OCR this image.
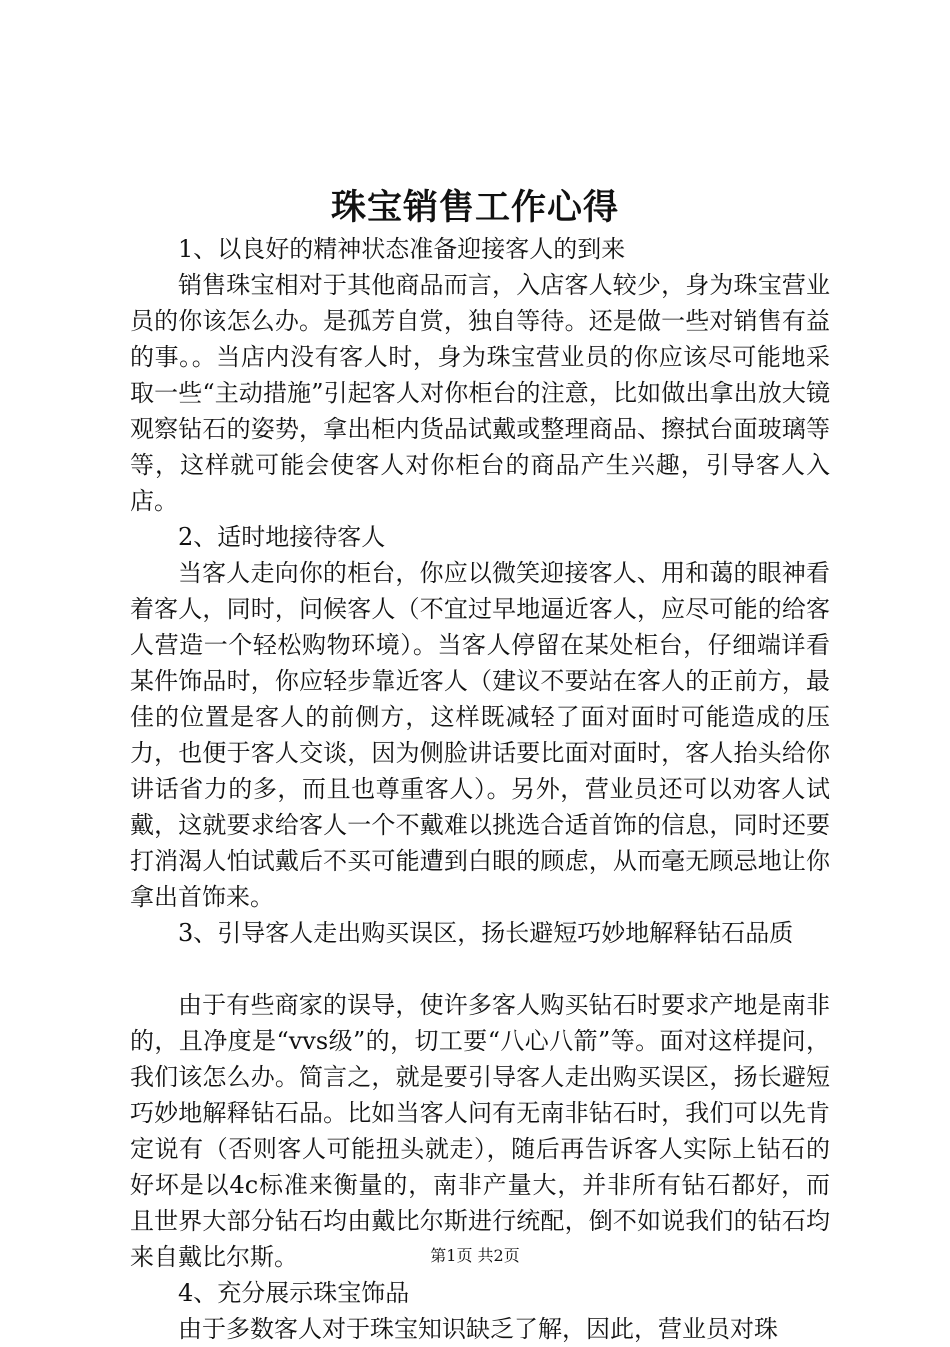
珠宝销售工作心得

1、以良好的精神状态准备迎接客人的到来

销售珠宝相对于其他商品而言，入店客人较少，身为珠宝营业员的你该怎么办。是孤芳自赏，独自等待。还是做一些对销售有益的事。。当店内没有客人时，身为珠宝营业员的你应该尽可能地采取一些“主动措施”引起客人对你柜台的注意，比如做出拿出放大镜观察钻石的姿势，拿出柜内货品试戴或整理商品、擦拭台面玻璃等等，这样就可能会使客人对你柜台的商品产生兴趣，引导客人入店。

2、适时地接待客人

当客人走向你的柜台，你应以微笑迎接客人、用和蔼的眼神看着客人，同时，问候客人（不宜过早地逼近客人，应尽可能的给客人营造一个轻松购物环境）。当客人停留在某处柜台，仔细端详看某件饰品时，你应轻步靠近客人（建议不要站在客人的正前方，最佳的位置是客人的前侧方，这样既减轻了面对面时可能造成的压力，也便于客人交谈，因为侧脸讲话要比面对面时，客人抬头给你讲话省力的多，而且也尊重客人）。另外，营业员还可以劝客人试戴，这就要求给客人一个不戴难以挑选合适首饰的信息，同时还要打消渴人怕试戴后不买可能遭到白眼的顾虑，从而毫无顾忌地让你拿出首饰来。

3、引导客人走出购买误区，扬长避短巧妙地解释钻石品质

由于有些商家的误导，使许多客人购买钻石时要求产地是南非的，且净度是“vvs级”的，切工要“八心八箭”等。面对这样提问，我们该怎么办。简言之，就是要引导客人走出购买误区，扬长避短巧妙地解释钻石品。比如当客人问有无南非钻石时，我们可以先肯定说有（否则客人可能扭头就走），随后再告诉客人实际上钻石的好坏是以4c标准来衡量的，南非产量大，并非所有钻石都好，而且世界大部分钻石均由戴比尔斯进行统配，倒不如说我们的钻石均来自戴比尔斯。

4、充分展示珠宝饰品

由于多数客人对于珠宝知识缺乏了解，因此，营业员对珠

第1页 共2页
